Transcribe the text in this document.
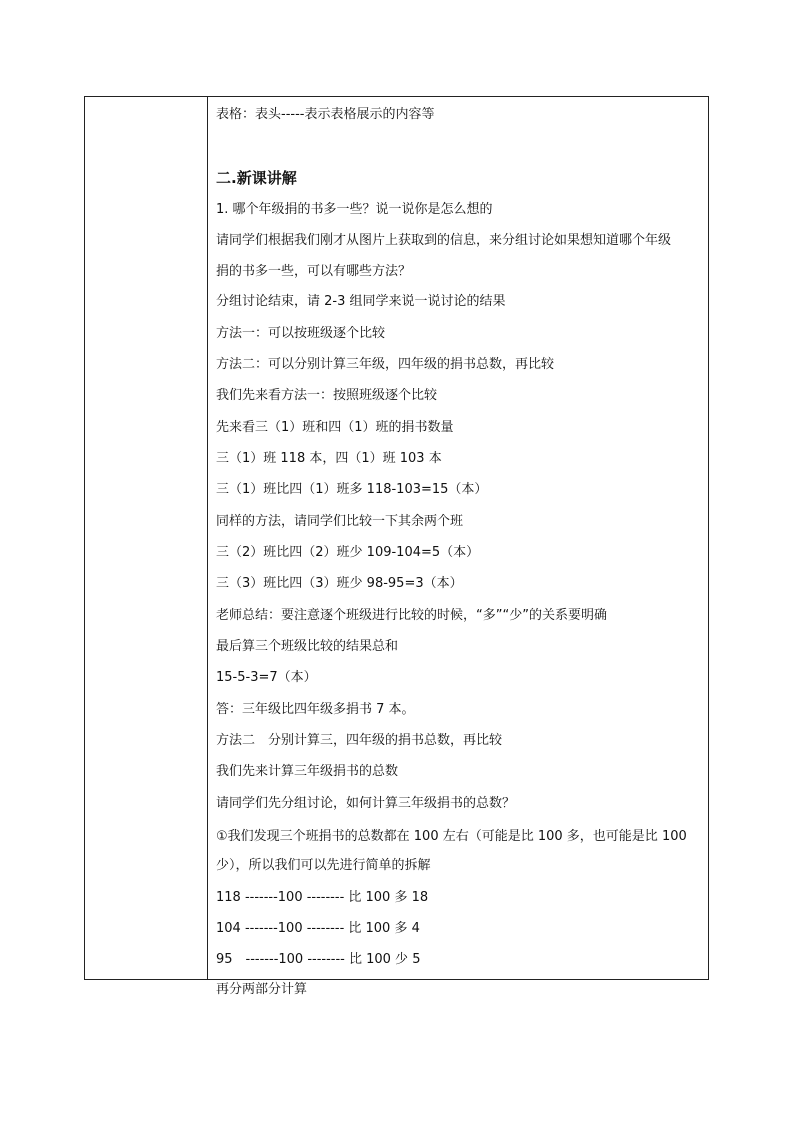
表格：表头-----表示表格展示的内容等
二.新课讲解
1. 哪个年级捐的书多一些？说一说你是怎么想的
请同学们根据我们刚才从图片上获取到的信息，来分组讨论如果想知道哪个年级
捐的书多一些，可以有哪些方法？
分组讨论结束，请 2-3 组同学来说一说讨论的结果
方法一：可以按班级逐个比较
方法二：可以分别计算三年级，四年级的捐书总数，再比较
我们先来看方法一：按照班级逐个比较
先来看三（1）班和四（1）班的捐书数量
三（1）班 118 本，四（1）班 103 本
三（1）班比四（1）班多 118-103=15（本）
同样的方法，请同学们比较一下其余两个班
三（2）班比四（2）班少 109-104=5（本）
三（3）班比四（3）班少 98-95=3（本）
老师总结：要注意逐个班级进行比较的时候，“多”“少”的关系要明确
最后算三个班级比较的结果总和
15-5-3=7（本）
答：三年级比四年级多捐书 7 本。
方法二　分别计算三，四年级的捐书总数，再比较
我们先来计算三年级捐书的总数
请同学们先分组讨论，如何计算三年级捐书的总数？
①我们发现三个班捐书的总数都在 100 左右（可能是比 100 多，也可能是比 100
少），所以我们可以先进行简单的拆解
118 -------100 -------- 比 100 多 18
104 -------100 -------- 比 100 多 4
95　-------100 -------- 比 100 少 5
再分两部分计算
